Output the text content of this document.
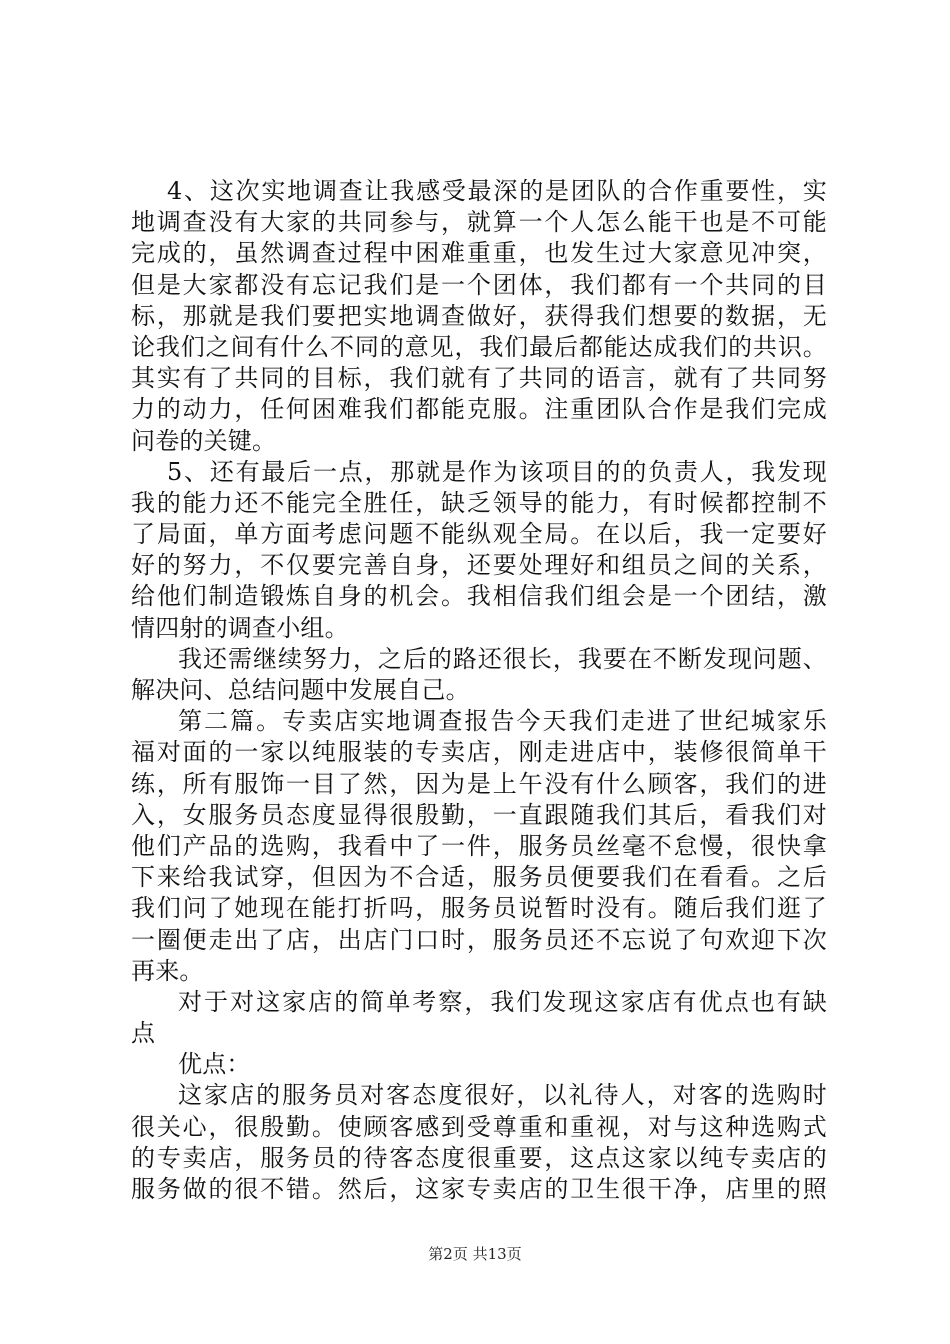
4、这次实地调查让我感受最深的是团队的合作重要性，实
地调查没有大家的共同参与，就算一个人怎么能干也是不可能
完成的，虽然调查过程中困难重重，也发生过大家意见冲突，
但是大家都没有忘记我们是一个团体，我们都有一个共同的目
标，那就是我们要把实地调查做好，获得我们想要的数据，无
论我们之间有什么不同的意见，我们最后都能达成我们的共识。
其实有了共同的目标，我们就有了共同的语言，就有了共同努
力的动力，任何困难我们都能克服。注重团队合作是我们完成
问卷的关键。
5、还有最后一点，那就是作为该项目的的负责人，我发现
我的能力还不能完全胜任，缺乏领导的能力，有时候都控制不
了局面，单方面考虑问题不能纵观全局。在以后，我一定要好
好的努力，不仅要完善自身，还要处理好和组员之间的关系，
给他们制造锻炼自身的机会。我相信我们组会是一个团结，激
情四射的调查小组。
我还需继续努力，之后的路还很长，我要在不断发现问题、
解决问、总结问题中发展自己。
第二篇。专卖店实地调查报告今天我们走进了世纪城家乐
福对面的一家以纯服装的专卖店，刚走进店中，装修很简单干
练，所有服饰一目了然，因为是上午没有什么顾客，我们的进
入，女服务员态度显得很殷勤，一直跟随我们其后，看我们对
他们产品的选购，我看中了一件，服务员丝毫不怠慢，很快拿
下来给我试穿，但因为不合适，服务员便要我们在看看。之后
我们问了她现在能打折吗，服务员说暂时没有。随后我们逛了
一圈便走出了店，出店门口时，服务员还不忘说了句欢迎下次
再来。
对于对这家店的简单考察，我们发现这家店有优点也有缺
点
优点：
这家店的服务员对客态度很好，以礼待人，对客的选购时
很关心，很殷勤。使顾客感到受尊重和重视，对与这种选购式
的专卖店，服务员的待客态度很重要，这点这家以纯专卖店的
服务做的很不错。然后，这家专卖店的卫生很干净，店里的照
第2页 共13页
